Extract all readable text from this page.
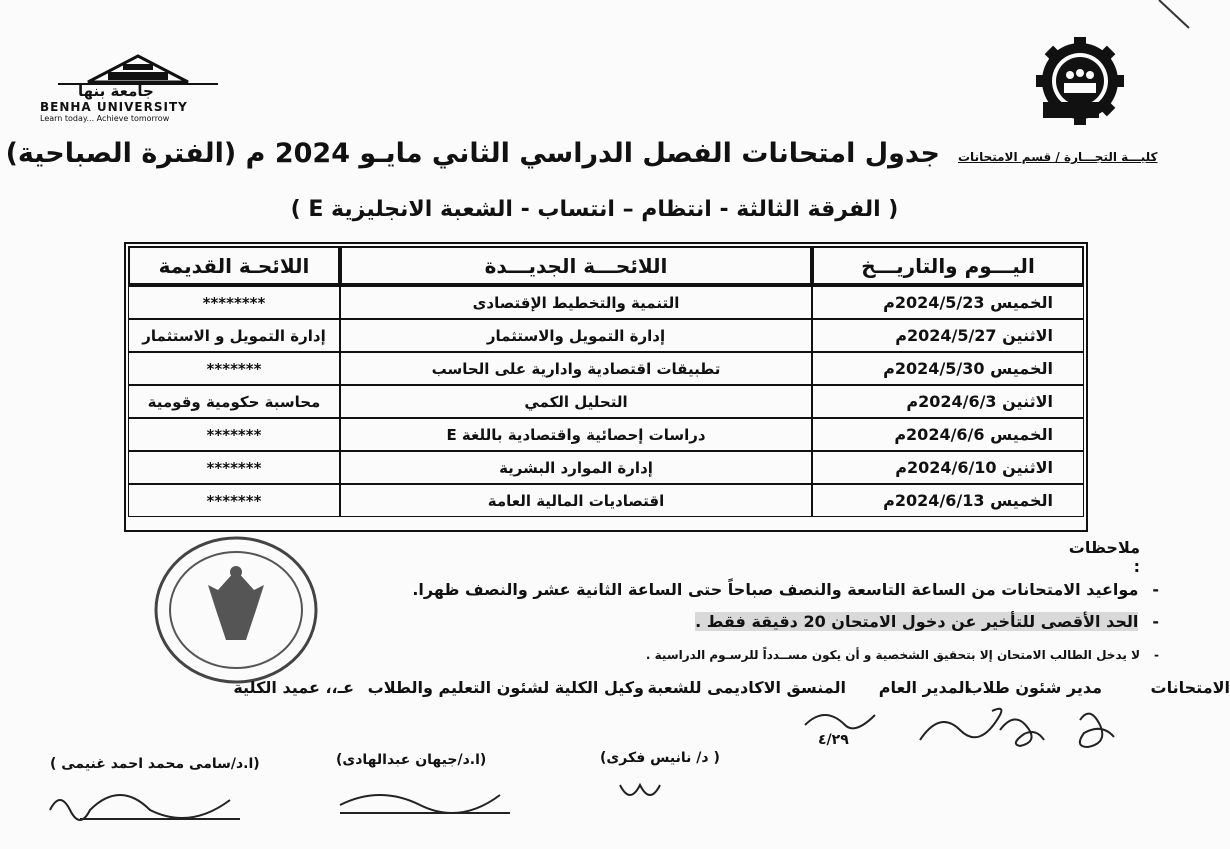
جامعة بنها
BENHA UNIVERSITY
Learn today... Achieve tomorrow
كليـــة التجـــارة / قسم الامتحانات
جدول امتحانات الفصل الدراسي الثاني مايـو 2024 م (الفترة الصباحية)
( الفرقة الثالثة - انتظام – انتساب - الشعبة الانجليزية E )
اليـــوم والتاريـــخ	اللائحـــة الجديـــدة	اللائحـة القديمة
الخميس 2024/5/23م	التنمية والتخطيط الإقتصادى	********
الاثنين 2024/5/27م	إدارة التمويل والاستثمار	إدارة التمويل و الاستثمار
الخميس 2024/5/30م	تطبيقات اقتصادية وادارية على الحاسب	*******
الاثنين 2024/6/3م	التحليل الكمي	محاسبة حكومية وقومية
الخميس 2024/6/6م	دراسات إحصائية واقتصادية باللغة E	*******
الاثنين 2024/6/10م	إدارة الموارد البشرية	*******
الخميس 2024/6/13م	اقتصاديات المالية العامة	*******
ملاحظات :
-مواعيد الامتحانات من الساعة التاسعة والنصف صباحاً حتى الساعة الثانية عشر والنصف ظهرا.
-الحد الأقصى للتأخير عن دخول الامتحان 20 دقيقة فقط .
-لا يدخل الطالب الامتحان إلا بتحقيق الشخصية و أن يكون مســدداً للرسـوم الدراسية .
الامتحانات
مدير شئون طلاب
المدير العام
المنسق الاكاديمى للشعبة
وكيل الكلية لشئون التعليم والطلاب
عـ،، عميد الكلية
٤/٢٩
( د/ نانيس فكرى)
(ا.د/جيهان عبدالهادى)
(ا.د/سامى محمد احمد غنيمى )
